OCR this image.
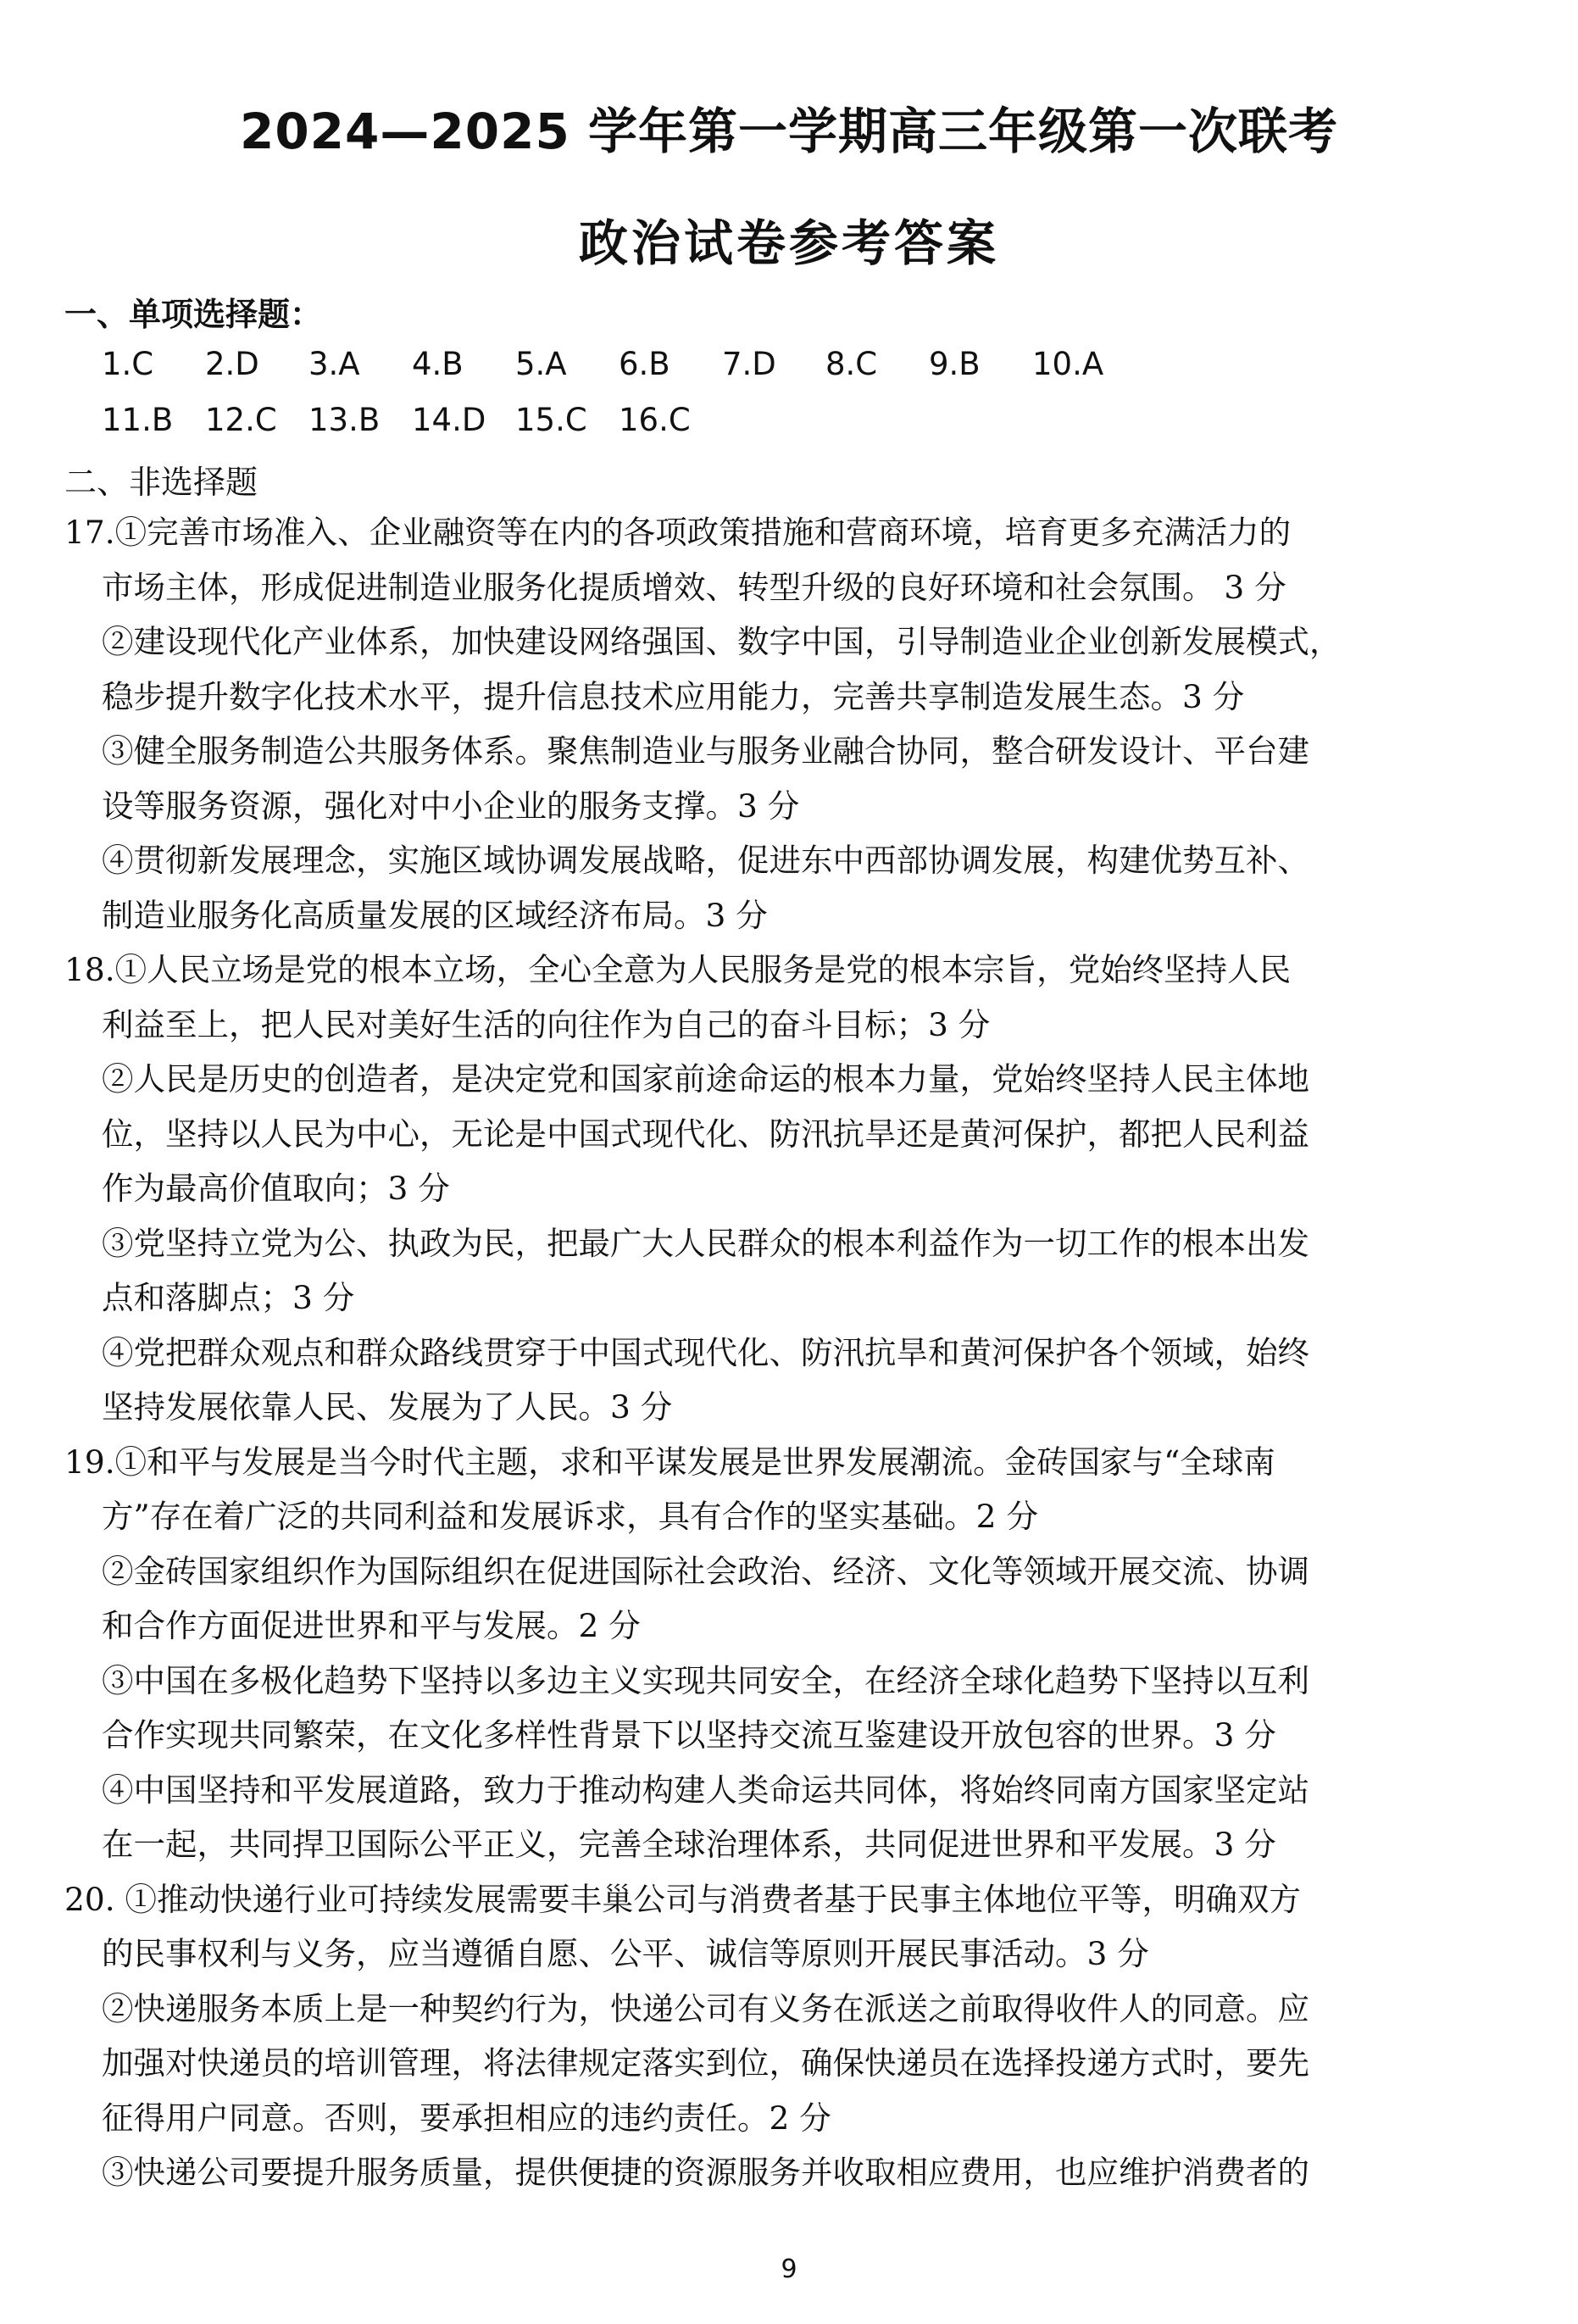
2024—2025 学年第一学期高三年级第一次联考
政治试卷参考答案
一、单项选择题：
1.C 2.D 3.A 4.B 5.A 6.B 7.D 8.C 9.B 10.A
11.B 12.C 13.B 14.D 15.C 16.C
二、非选择题
17.①完善市场准入、企业融资等在内的各项政策措施和营商环境，培育更多充满活力的
市场主体，形成促进制造业服务化提质增效、转型升级的良好环境和社会氛围。 3 分
②建设现代化产业体系，加快建设网络强国、数字中国，引导制造业企业创新发展模式，
稳步提升数字化技术水平，提升信息技术应用能力，完善共享制造发展生态。3 分
③健全服务制造公共服务体系。聚焦制造业与服务业融合协同，整合研发设计、平台建
设等服务资源，强化对中小企业的服务支撑。3 分
④贯彻新发展理念，实施区域协调发展战略，促进东中西部协调发展，构建优势互补、
制造业服务化高质量发展的区域经济布局。3 分
18.①人民立场是党的根本立场，全心全意为人民服务是党的根本宗旨，党始终坚持人民
利益至上，把人民对美好生活的向往作为自己的奋斗目标；3 分
②人民是历史的创造者，是决定党和国家前途命运的根本力量，党始终坚持人民主体地
位，坚持以人民为中心，无论是中国式现代化、防汛抗旱还是黄河保护，都把人民利益
作为最高价值取向；3 分
③党坚持立党为公、执政为民，把最广大人民群众的根本利益作为一切工作的根本出发
点和落脚点；3 分
④党把群众观点和群众路线贯穿于中国式现代化、防汛抗旱和黄河保护各个领域，始终
坚持发展依靠人民、发展为了人民。3 分
19.①和平与发展是当今时代主题，求和平谋发展是世界发展潮流。金砖国家与“全球南
方”存在着广泛的共同利益和发展诉求，具有合作的坚实基础。2 分
②金砖国家组织作为国际组织在促进国际社会政治、经济、文化等领域开展交流、协调
和合作方面促进世界和平与发展。2 分
③中国在多极化趋势下坚持以多边主义实现共同安全，在经济全球化趋势下坚持以互利
合作实现共同繁荣，在文化多样性背景下以坚持交流互鉴建设开放包容的世界。3 分
④中国坚持和平发展道路，致力于推动构建人类命运共同体，将始终同南方国家坚定站
在一起，共同捍卫国际公平正义，完善全球治理体系，共同促进世界和平发展。3 分
20. ①推动快递行业可持续发展需要丰巢公司与消费者基于民事主体地位平等，明确双方
的民事权利与义务，应当遵循自愿、公平、诚信等原则开展民事活动。3 分
②快递服务本质上是一种契约行为，快递公司有义务在派送之前取得收件人的同意。应
加强对快递员的培训管理，将法律规定落实到位，确保快递员在选择投递方式时，要先
征得用户同意。否则，要承担相应的违约责任。2 分
③快递公司要提升服务质量，提供便捷的资源服务并收取相应费用，也应维护消费者的
9
